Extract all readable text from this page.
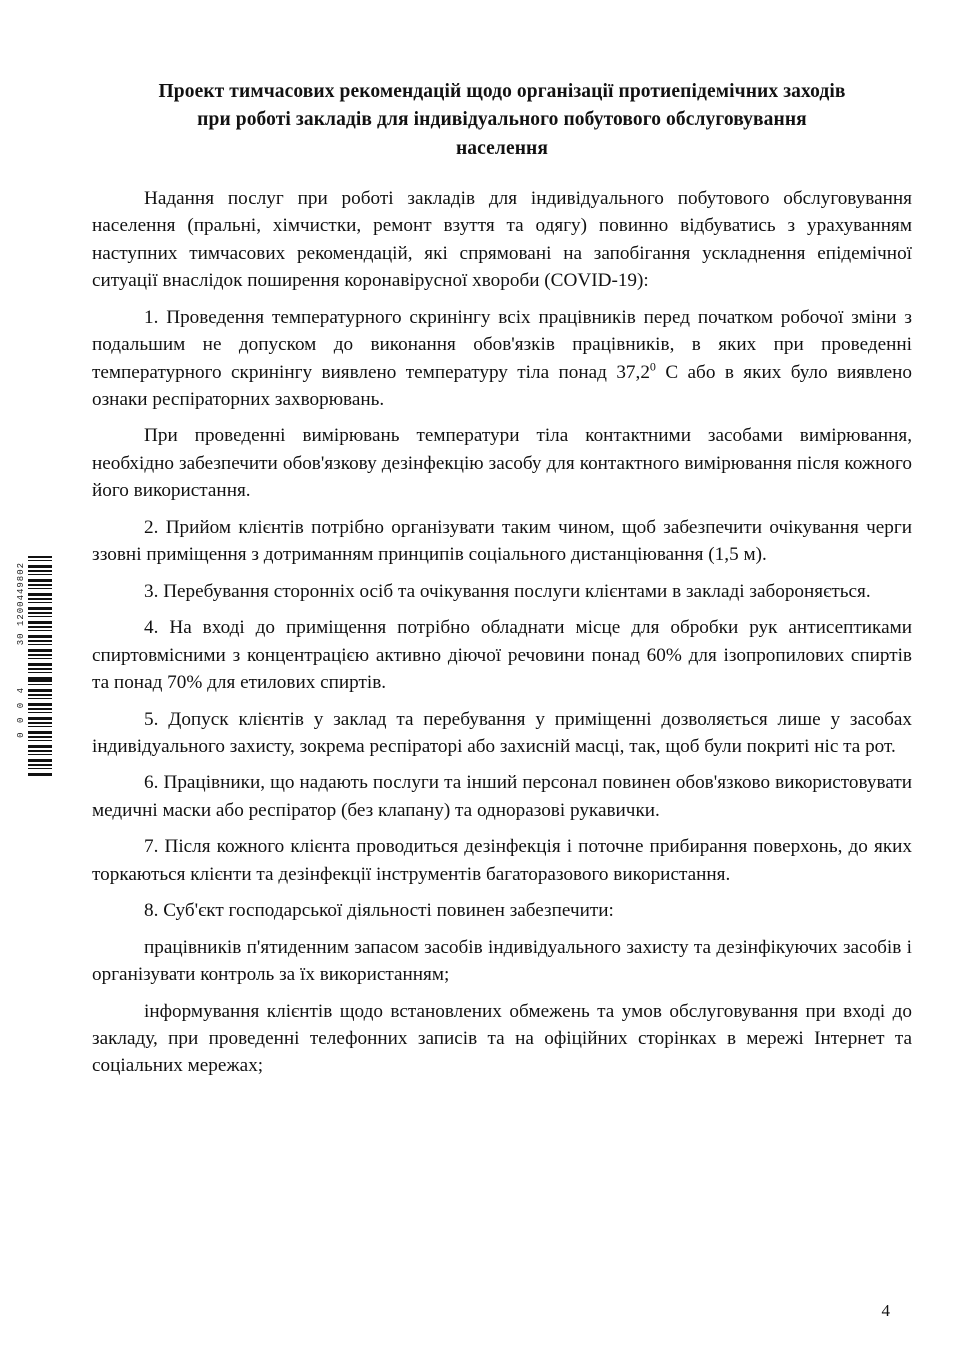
30 1200449802
0 0 0 4
Проект тимчасових рекомендацій щодо організації протиепідемічних заходів
при роботі закладів для індивідуального побутового обслуговування
населення

Надання послуг при роботі закладів для індивідуального побутового обслуговування населення (пральні, хімчистки, ремонт взуття та одягу) повинно відбуватись з урахуванням наступних тимчасових рекомендацій, які спрямовані на запобігання ускладнення епідемічної ситуації внаслідок поширення коронавірусної хвороби (COVID-19):

1. Проведення температурного скринінгу всіх працівників перед початком робочої зміни з подальшим не допуском до виконання обов'язків працівників, в яких при проведенні температурного скринінгу виявлено температуру тіла понад 37,2$^0$ С або в яких було виявлено ознаки респіраторних захворювань.

При проведенні вимірювань температури тіла контактними засобами вимірювання, необхідно забезпечити обов'язкову дезінфекцію засобу для контактного вимірювання після кожного його використання.

2. Прийом клієнтів потрібно організувати таким чином, щоб забезпечити очікування черги ззовні приміщення з дотриманням принципів соціального дистанціювання (1,5 м).

3. Перебування сторонніх осіб та очікування послуги клієнтами в закладі забороняється.

4. На вході до приміщення потрібно обладнати місце для обробки рук антисептиками спиртовмісними з концентрацією активно діючої речовини понад 60% для ізопропилових спиртів та понад 70% для етилових спиртів.

5. Допуск клієнтів у заклад та перебування у приміщенні дозволяється лише у засобах індивідуального захисту, зокрема респіраторі або захисній масці, так, щоб були покриті ніс та рот.

6. Працівники, що надають послуги та інший персонал повинен обов'язково використовувати медичні маски або респіратор (без клапану) та одноразові рукавички.

7. Після кожного клієнта проводиться дезінфекція і поточне прибирання поверхонь, до яких торкаються клієнти та дезінфекції інструментів багаторазового використання.

8. Суб'єкт господарської діяльності повинен забезпечити:

працівників п'ятиденним запасом засобів індивідуального захисту та дезінфікуючих засобів і організувати контроль за їх використанням;

інформування клієнтів щодо встановлених обмежень та умов обслуговування при вході до закладу, при проведенні телефонних записів та на офіційних сторінках в мережі Інтернет та соціальних мережах;

4
